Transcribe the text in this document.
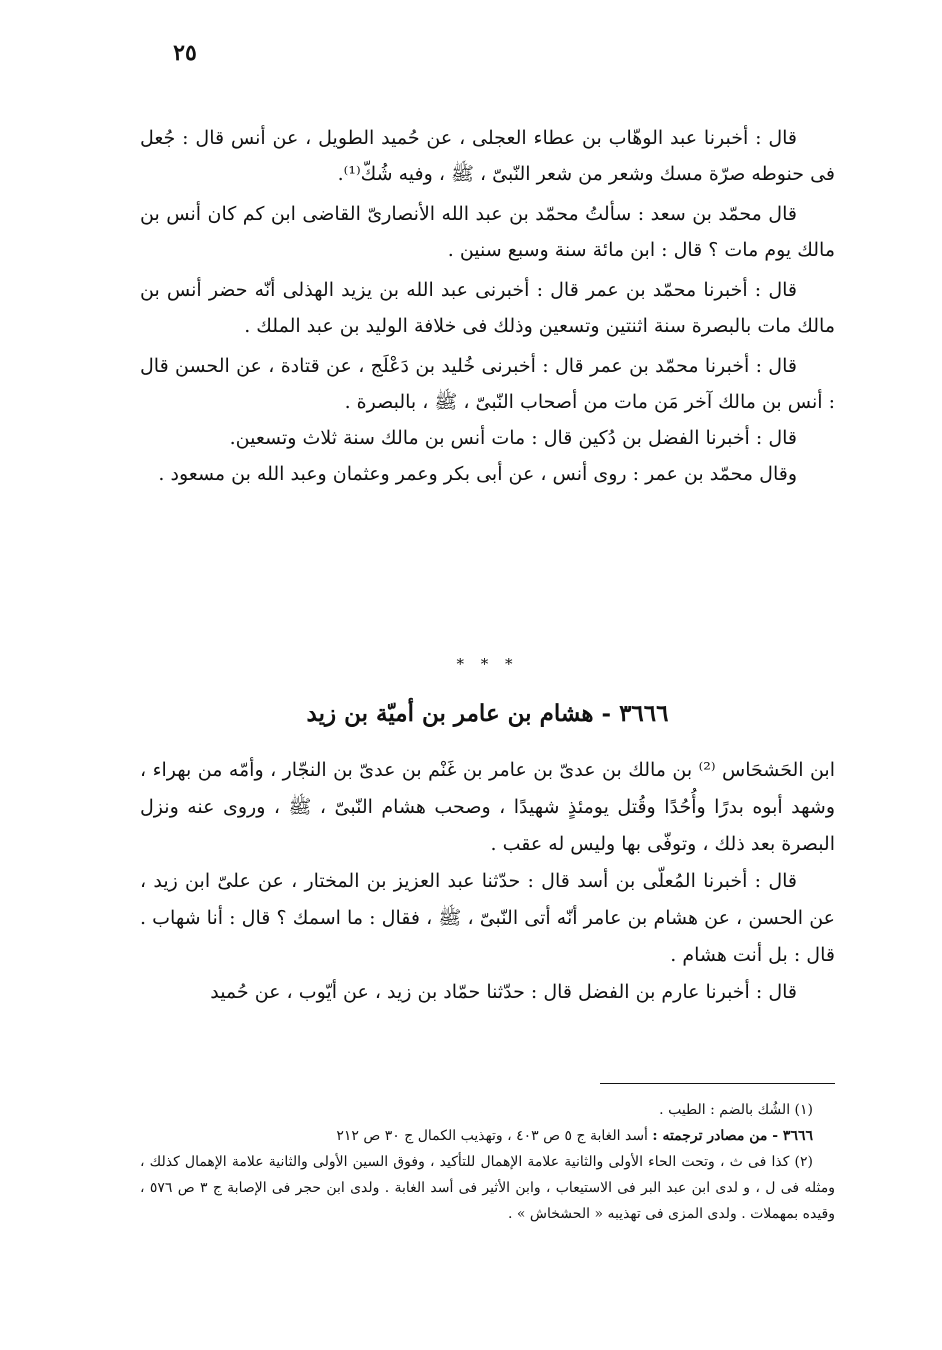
٢٥

قال : أخبرنا عبد الوهّاب بن عطاء العجلى ، عن حُميد الطويل ، عن أنس قال : جُعل فى حنوطه صرّة مسك وشعر من شعر النّبىّ ، ﷺ ، وفيه شُكّ⁽¹⁾.

قال محمّد بن سعد : سألتُ محمّد بن عبد الله الأنصارىّ القاضى ابن كم كان أنس بن مالك يوم مات ؟ قال : ابن مائة سنة وسبع سنين .

قال : أخبرنا محمّد بن عمر قال : أخبرنى عبد الله بن يزيد الهذلى أنّه حضر أنس بن مالك مات بالبصرة سنة اثنتين وتسعين وذلك فى خلافة الوليد بن عبد الملك .

قال : أخبرنا محمّد بن عمر قال : أخبرنى خُليد بن دَعْلَج ، عن قتادة ، عن الحسن قال : أنس بن مالك آخر مَن مات من أصحاب النّبىّ ، ﷺ ، بالبصرة .

قال : أخبرنا الفضل بن دُكين قال : مات أنس بن مالك سنة ثلاث وتسعين.

وقال محمّد بن عمر : روى أنس ، عن أبى بكر وعمر وعثمان وعبد الله بن مسعود .

* * *
٣٦٦٦ - هشام بن عامر بن أميّة بن زيد

ابن الحَشحَاس ⁽²⁾ بن مالك بن عدىّ بن عامر بن غَنْم بن عدىّ بن النجّار ، وأمّه من بهراء ، وشهد أبوه بدرًا وأُحُدًا وقُتل يومئذٍ شهيدًا ، وصحب هشام النّبىّ ، ﷺ ، وروى عنه ونزل البصرة بعد ذلك ، وتوفّى بها وليس له عقب .

قال : أخبرنا المُعلّى بن أسد قال : حدّثنا عبد العزيز بن المختار ، عن علىّ ابن زيد ، عن الحسن ، عن هشام بن عامر أنّه أتى النّبىّ ، ﷺ ، فقال : ما اسمك ؟ قال : أنا شهاب . قال : بل أنت هشام .

قال : أخبرنا عارم بن الفضل قال : حدّثنا حمّاد بن زيد ، عن أيّوب ، عن حُميد

(١) الشُك بالضم : الطيب .

٣٦٦٦ - من مصادر ترجمته : أسد الغابة ج ٥ ص ٤٠٣ ، وتهذيب الكمال ج ٣٠ ص ٢١٢

(٢) كذا فى ث ، وتحت الحاء الأولى والثانية علامة الإهمال للتأكيد ، وفوق السين الأولى والثانية علامة الإهمال كذلك ، ومثله فى ل ، و لدى ابن عبد البر فى الاستيعاب ، وابن الأثير فى أسد الغابة . ولدى ابن حجر فى الإصابة ج ٣ ص ٥٧٦ ، وقيده بمهملات . ولدى المزى فى تهذيبه « الحشخاش » .
